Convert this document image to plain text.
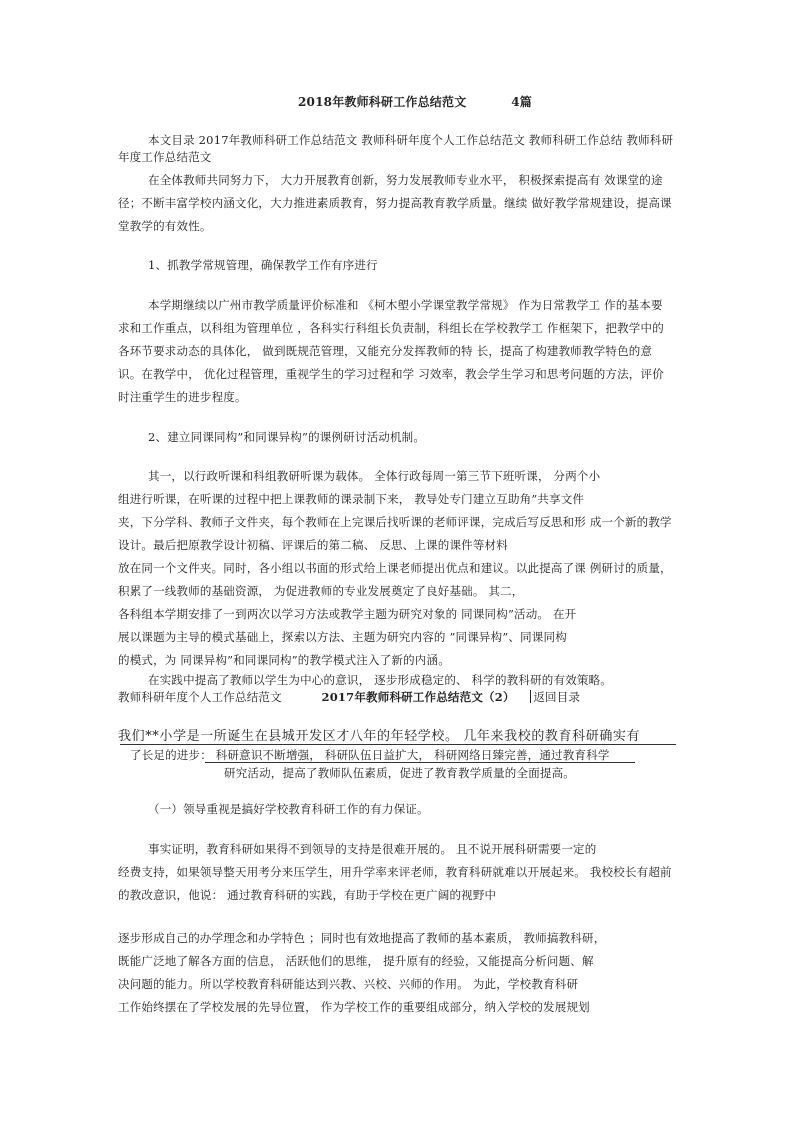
2018年教师科研工作总结范文	4篇
本文目录 2017年教师科研工作总结范文 教师科研年度个人工作总结范文 教师科研工作总结 教师科研
年度工作总结范文
在全体教师共同努力下， 大力开展教育创新，努力发展教师专业水平， 积极探索提高有 效课堂的途
径；不断丰富学校内涵文化，大力推进素质教育，努力提高教育教学质量。继续 做好教学常规建设，提高课
堂教学的有效性。
1、抓教学常规管理，确保教学工作有序进行
本学期继续以广州市教学质量评价标准和 《柯木塱小学课堂教学常规》 作为日常教学工 作的基本要
求和工作重点，以科组为管理单位 ，各科实行科组长负责制，科组长在学校教学工 作框架下，把教学中的
各环节要求动态的具体化， 做到既规范管理，又能充分发挥教师的特 长，提高了构建教师教学特色的意
识。在教学中， 优化过程管理，重视学生的学习过程和学 习效率，教会学生学习和思考问题的方法，评价
时注重学生的进步程度。
2、建立同课同构”和同课异构”的课例研讨活动机制。
其一，以行政听课和科组教研听课为载体。 全体行政每周一第三节下班听课， 分两个小
组进行听课，在听课的过程中把上课教师的课录制下来， 教导处专门建立互助角”共享文件
夹，下分学科、教师子文件夹，每个教师在上完课后找听课的老师评课，完成后写反思和形 成一个新的教学
设计。最后把原教学设计初稿、评课后的第二稿、 反思、上课的课件等材料
放在同一个文件夹。同时，各小组以书面的形式给上课老师提出优点和建议。以此提高了课 例研讨的质量，
积累了一线教师的基础资源， 为促进教师的专业发展奠定了良好基础。 其二，
各科组本学期安排了一到两次以学习方法或教学主题为研究对象的 同课同构”活动。 在开
展以课题为主导的模式基础上，探索以方法、主题为研究内容的 ”同课异构”、同课同构
的模式，为 同课异构”和同课同构”的教学模式注入了新的内涵。
在实践中提高了教师以学生为中心的意识， 逐步形成稳定的、 科学的教科研的有效策略。
教师科研年度个人工作总结范文	2017年教师科研工作总结范文（2） 返回目录
我们**小学是一所诞生在县城开发区才八年的年轻学校。 几年来我校的教育科研确实有
了长足的进步： 科研意识不断增强， 科研队伍日益扩大， 科研网络日臻完善，通过教育科学
研究活动，提高了教师队伍素质，促进了教育教学质量的全面提高。
（一）领导重视是搞好学校教育科研工作的有力保证。
事实证明，教育科研如果得不到领导的支持是很难开展的。 且不说开展科研需要一定的
经费支持，如果领导整天用考分来压学生，用升学率来评老师，教育科研就难以开展起来。 我校校长有超前
的教改意识，他说： 通过教育科研的实践，有助于学校在更广阔的视野中
逐步形成自己的办学理念和办学特色 ；同时也有效地提高了教师的基本素质， 教师搞教科研，
既能广泛地了解各方面的信息， 活跃他们的思维， 提升原有的经验，又能提高分析问题、解
决问题的能力。所以学校教育科研能达到兴教、兴校、兴师的作用。 为此，学校教育科研
工作始终摆在了学校发展的先导位置， 作为学校工作的重要组成部分，纳入学校的发展规划
